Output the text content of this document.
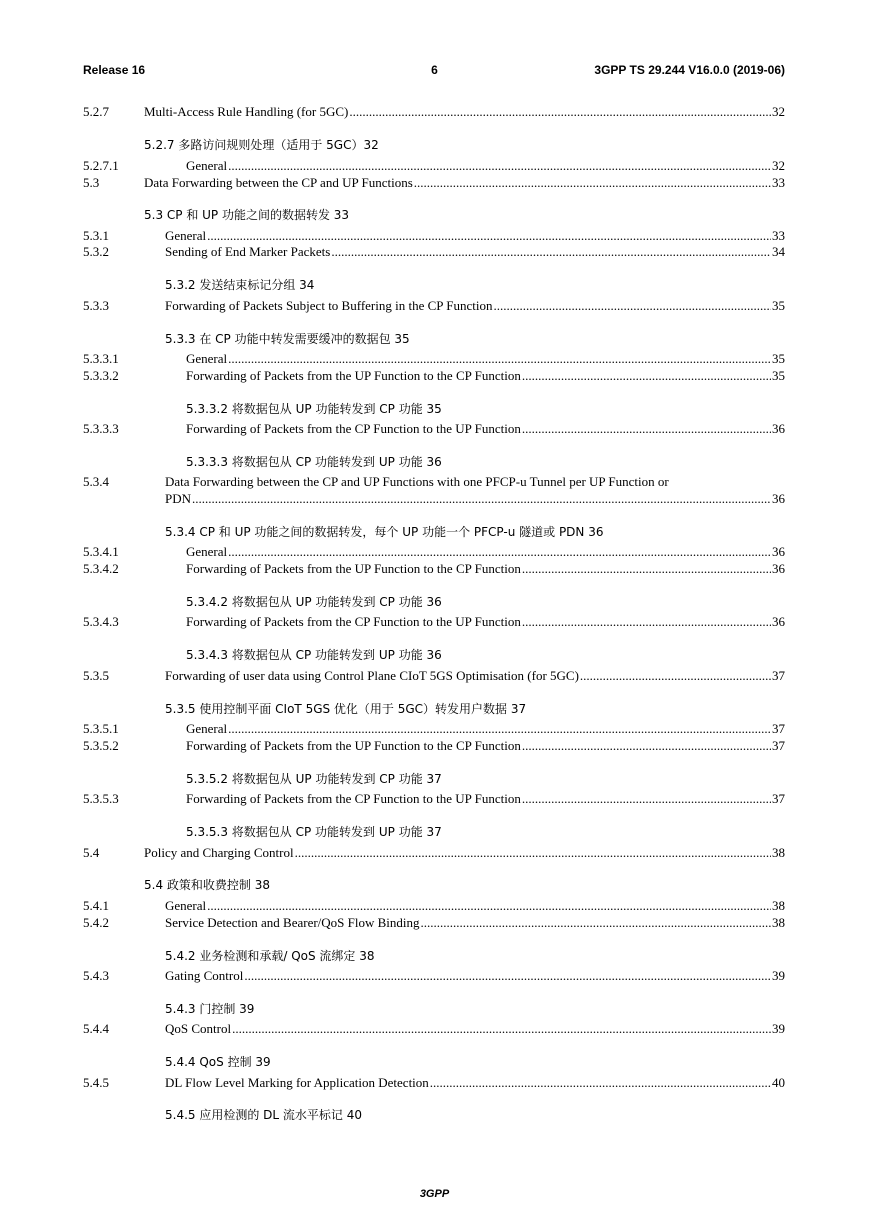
Release 16	6	3GPP TS 29.244 V16.0.0 (2019-06)
5.2.7	Multi-Access Rule Handling (for 5GC) .....	32
5.2.7 多路访问规则处理（适用于 5GC）32
5.2.7.1	General .....	32
5.3	Data Forwarding between the CP and UP Functions .....	33
5.3 CP 和 UP 功能之间的数据转发 33
5.3.1	General .....	33
5.3.2	Sending of End Marker Packets .....	34
5.3.2 发送结束标记分组 34
5.3.3	Forwarding of Packets Subject to Buffering in the CP Function .....	35
5.3.3 在 CP 功能中转发需要缓冲的数据包 35
5.3.3.1	General .....	35
5.3.3.2	Forwarding of Packets from the UP Function to the CP Function .....	35
5.3.3.2 将数据包从 UP 功能转发到 CP 功能 35
5.3.3.3	Forwarding of Packets from the CP Function to the UP Function .....	36
5.3.3.3 将数据包从 CP 功能转发到 UP 功能 36
5.3.4	Data Forwarding between the CP and UP Functions with one PFCP-u Tunnel per UP Function or
PDN .....	36
5.3.4 CP 和 UP 功能之间的数据转发，每个 UP 功能一个 PFCP-u 隧道或 PDN 36
5.3.4.1	General .....	36
5.3.4.2	Forwarding of Packets from the UP Function to the CP Function .....	36
5.3.4.2 将数据包从 UP 功能转发到 CP 功能 36
5.3.4.3	Forwarding of Packets from the CP Function to the UP Function .....	36
5.3.4.3 将数据包从 CP 功能转发到 UP 功能 36
5.3.5	Forwarding of user data using Control Plane CIoT 5GS Optimisation (for 5GC) .....	37
5.3.5 使用控制平面 CIoT 5GS 优化（用于 5GC）转发用户数据 37
5.3.5.1	General .....	37
5.3.5.2	Forwarding of Packets from the UP Function to the CP Function .....	37
5.3.5.2 将数据包从 UP 功能转发到 CP 功能 37
5.3.5.3	Forwarding of Packets from the CP Function to the UP Function .....	37
5.3.5.3 将数据包从 CP 功能转发到 UP 功能 37
5.4	Policy and Charging Control .....	38
5.4 政策和收费控制 38
5.4.1	General .....	38
5.4.2	Service Detection and Bearer/QoS Flow Binding .....	38
5.4.2 业务检测和承载/ QoS 流绑定 38
5.4.3	Gating Control .....	39
5.4.3 门控制 39
5.4.4	QoS Control .....	39
5.4.4 QoS 控制 39
5.4.5	DL Flow Level Marking for Application Detection .....	40
5.4.5 应用检测的 DL 流水平标记 40
3GPP
